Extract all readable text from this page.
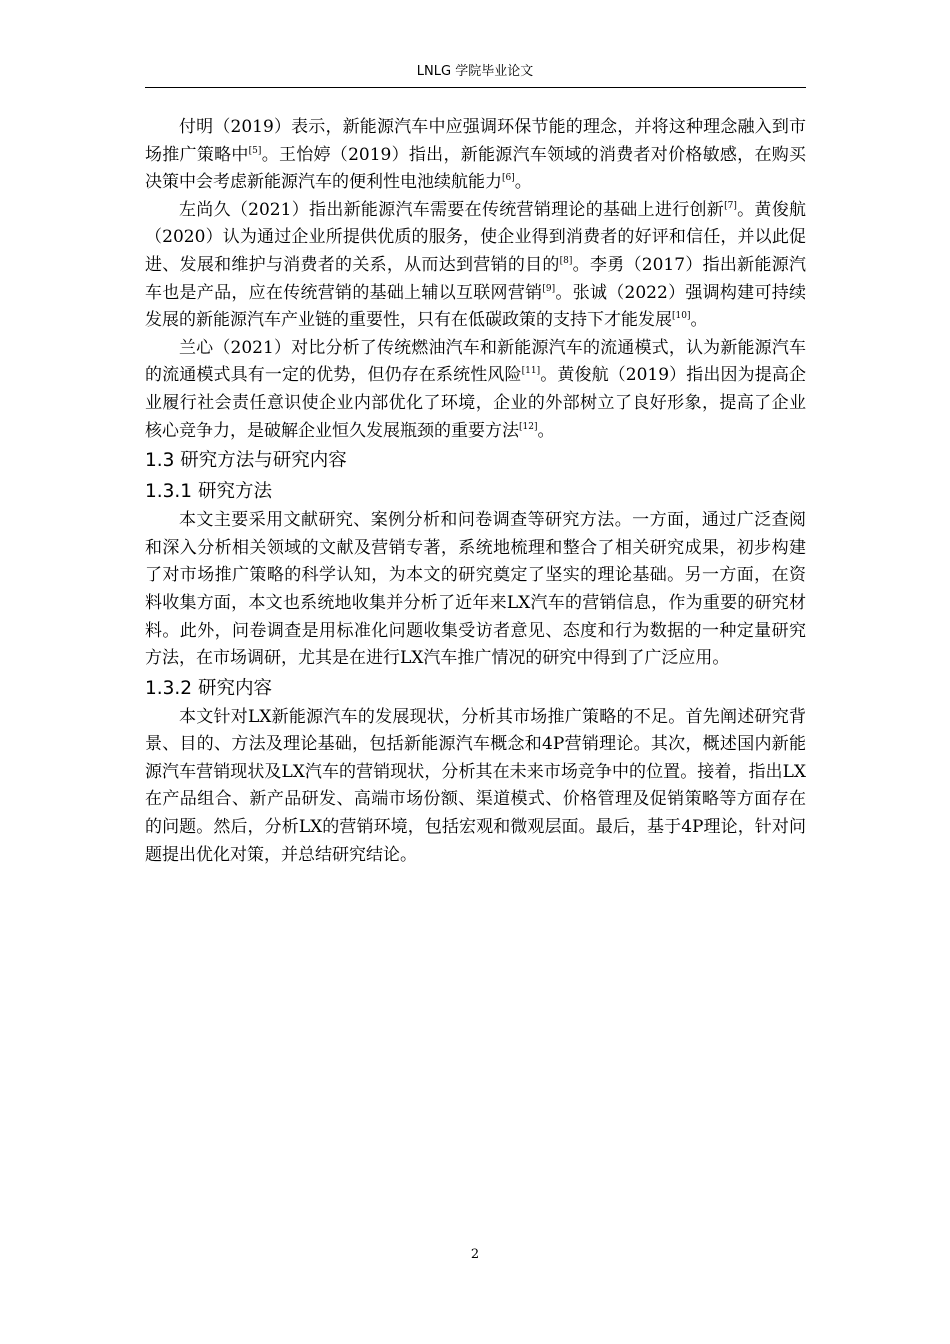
LNLG 学院毕业论文

付明（2019）表示，新能源汽车中应强调环保节能的理念，并将这种理念融入到市场推广策略中[5]。王怡婷（2019）指出，新能源汽车领域的消费者对价格敏感，在购买决策中会考虑新能源汽车的便利性电池续航能力[6]。

左尚久（2021）指出新能源汽车需要在传统营销理论的基础上进行创新[7]。黄俊航（2020）认为通过企业所提供优质的服务，使企业得到消费者的好评和信任，并以此促进、发展和维护与消费者的关系，从而达到营销的目的[8]。李勇（2017）指出新能源汽车也是产品，应在传统营销的基础上辅以互联网营销[9]。张诚（2022）强调构建可持续发展的新能源汽车产业链的重要性，只有在低碳政策的支持下才能发展[10]。

兰心（2021）对比分析了传统燃油汽车和新能源汽车的流通模式，认为新能源汽车的流通模式具有一定的优势，但仍存在系统性风险[11]。黄俊航（2019）指出因为提高企业履行社会责任意识使企业内部优化了环境，企业的外部树立了良好形象，提高了企业核心竞争力，是破解企业恒久发展瓶颈的重要方法[12]。

1.3 研究方法与研究内容
1.3.1 研究方法

本文主要采用文献研究、案例分析和问卷调查等研究方法。一方面，通过广泛查阅和深入分析相关领域的文献及营销专著，系统地梳理和整合了相关研究成果，初步构建了对市场推广策略的科学认知，为本文的研究奠定了坚实的理论基础。另一方面，在资料收集方面，本文也系统地收集并分析了近年来LX汽车的营销信息，作为重要的研究材料。此外，问卷调查是用标准化问题收集受访者意见、态度和行为数据的一种定量研究方法，在市场调研，尤其是在进行LX汽车推广情况的研究中得到了广泛应用。

1.3.2 研究内容

本文针对LX新能源汽车的发展现状，分析其市场推广策略的不足。首先阐述研究背景、目的、方法及理论基础，包括新能源汽车概念和4P营销理论。其次，概述国内新能源汽车营销现状及LX汽车的营销现状，分析其在未来市场竞争中的位置。接着，指出LX在产品组合、新产品研发、高端市场份额、渠道模式、价格管理及促销策略等方面存在的问题。然后，分析LX的营销环境，包括宏观和微观层面。最后，基于4P理论，针对问题提出优化对策，并总结研究结论。

2
